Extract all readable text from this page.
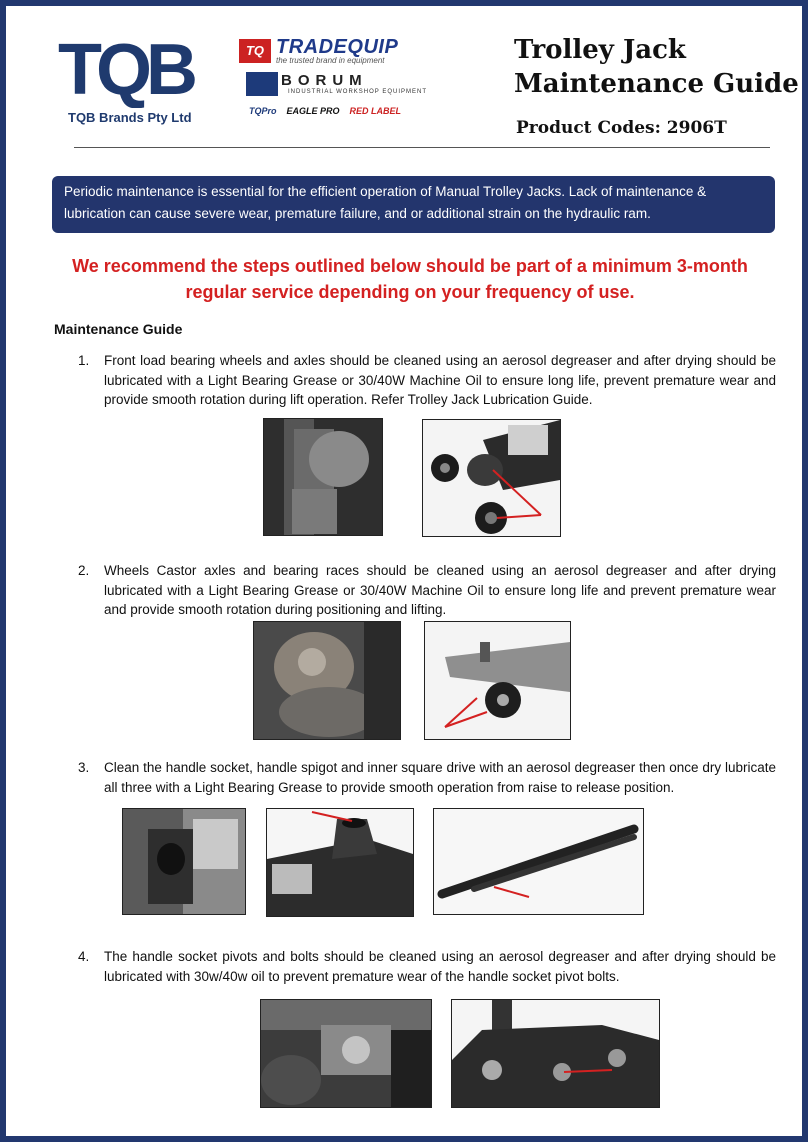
TQB
TQB Brands Pty Ltd
TQ TRADEQUIP
the trusted brand in equipment
BORUM
INDUSTRIAL WORKSHOP EQUIPMENT
TQPro EAGLE PRO RED LABEL
Trolley Jack
Maintenance Guide
Product Codes: 2906T
Periodic maintenance is essential for the efficient operation of Manual Trolley Jacks. Lack of maintenance & lubrication can cause severe wear, premature failure, and or additional strain on the hydraulic ram.
We recommend the steps outlined below should be part of a minimum 3-month regular service depending on your frequency of use.
Maintenance Guide
1. Front load bearing wheels and axles should be cleaned using an aerosol degreaser and after drying should be lubricated with a Light Bearing Grease or 30/40W Machine Oil to ensure long life, prevent premature wear and provide smooth rotation during lift operation. Refer Trolley Jack Lubrication Guide.
2. Wheels Castor axles and bearing races should be cleaned using an aerosol degreaser and after drying lubricated with a Light Bearing Grease or 30/40W Machine Oil to ensure long life and prevent premature wear and provide smooth rotation during positioning and lifting.
3. Clean the handle socket, handle spigot and inner square drive with an aerosol degreaser then once dry lubricate all three with a Light Bearing Grease to provide smooth operation from raise to release position.
4. The handle socket pivots and bolts should be cleaned using an aerosol degreaser and after drying should be lubricated with 30w/40w oil to prevent premature wear of the handle socket pivot bolts.
